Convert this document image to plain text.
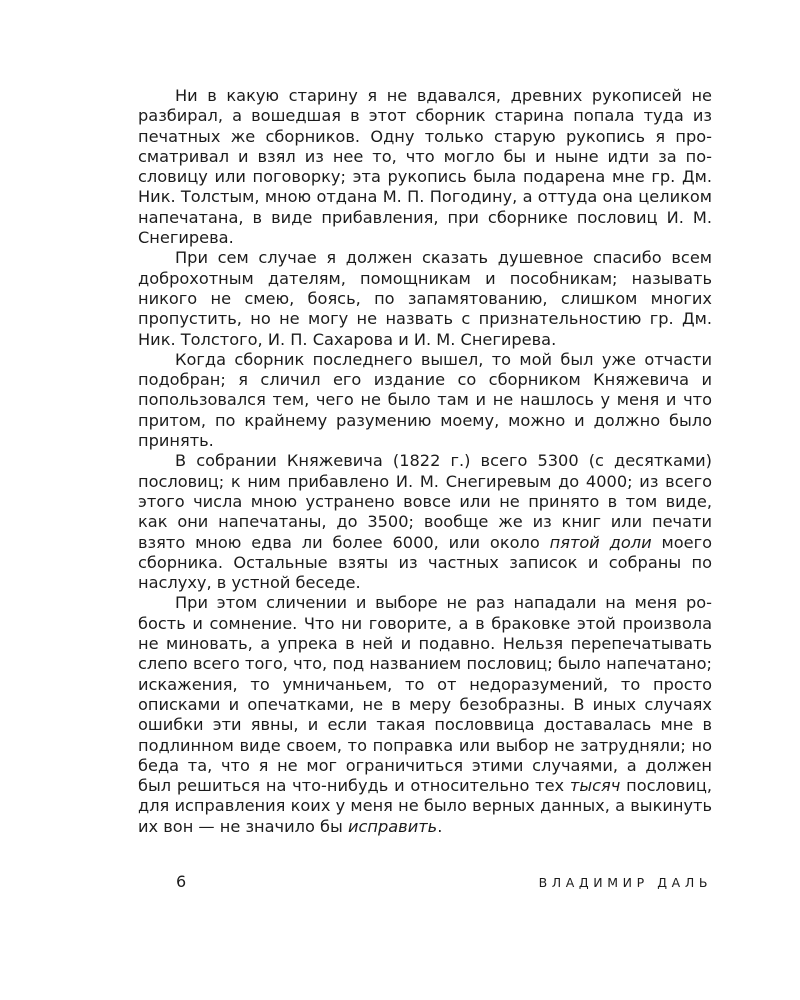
Ни в какую старину я не вдавался, древних рукописей не разбирал, а вошедшая в этот сборник старина попала туда из печатных же сборников. Одну только старую рукопись я просматривал и взял из нее то, что могло бы и ныне идти за пословицу или поговорку; эта рукопись была подарена мне гр. Дм. Ник. Толстым, мною отдана М. П. Погодину, а оттуда она целиком напечатана, в виде прибавления, при сборнике пословиц И. М. Снегирева.

При сем случае я должен сказать душевное спасибо всем доброхотным дателям, помощникам и пособникам; называть никого не смею, боясь, по запамятованию, слишком многих пропустить, но не могу не назвать с признательностию гр. Дм. Ник. Толстого, И. П. Сахарова и И. М. Снегирева.

Когда сборник последнего вышел, то мой был уже отчасти подобран; я сличил его издание со сборником Княжевича и попользовался тем, чего не было там и не нашлось у меня и что притом, по крайнему разумению моему, можно и должно было принять.

В собрании Княжевича (1822 г.) всего 5300 (с десятками) пословиц; к ним прибавлено И. М. Снегиревым до 4000; из всего этого числа мною устранено вовсе или не принято в том виде, как они напечатаны, до 3500; вообще же из книг или печати взято мною едва ли более 6000, или около пятой доли моего сборника. Остальные взяты из частных записок и собраны по наслуху, в устной беседе.

При этом сличении и выборе не раз нападали на меня робость и сомнение. Что ни говорите, а в браковке этой произвола не миновать, а упрека в ней и подавно. Нельзя перепечатывать слепо всего того, что, под названием пословиц; было напечатано; искажения, то умничаньем, то от недоразумений, то просто описками и опечатками, не в меру безобразны. В иных случаях ошибки эти явны, и если такая пословвица доставалась мне в подлинном виде своем, то поправка или выбор не затрудняли; но беда та, что я не мог ограничиться этими случаями, а должен был решиться на что-нибудь и относительно тех тысяч пословиц, для исправления коих у меня не было верных данных, а выкинуть их вон — не значило бы исправить.

6	ВЛАДИМИР ДАЛЬ
